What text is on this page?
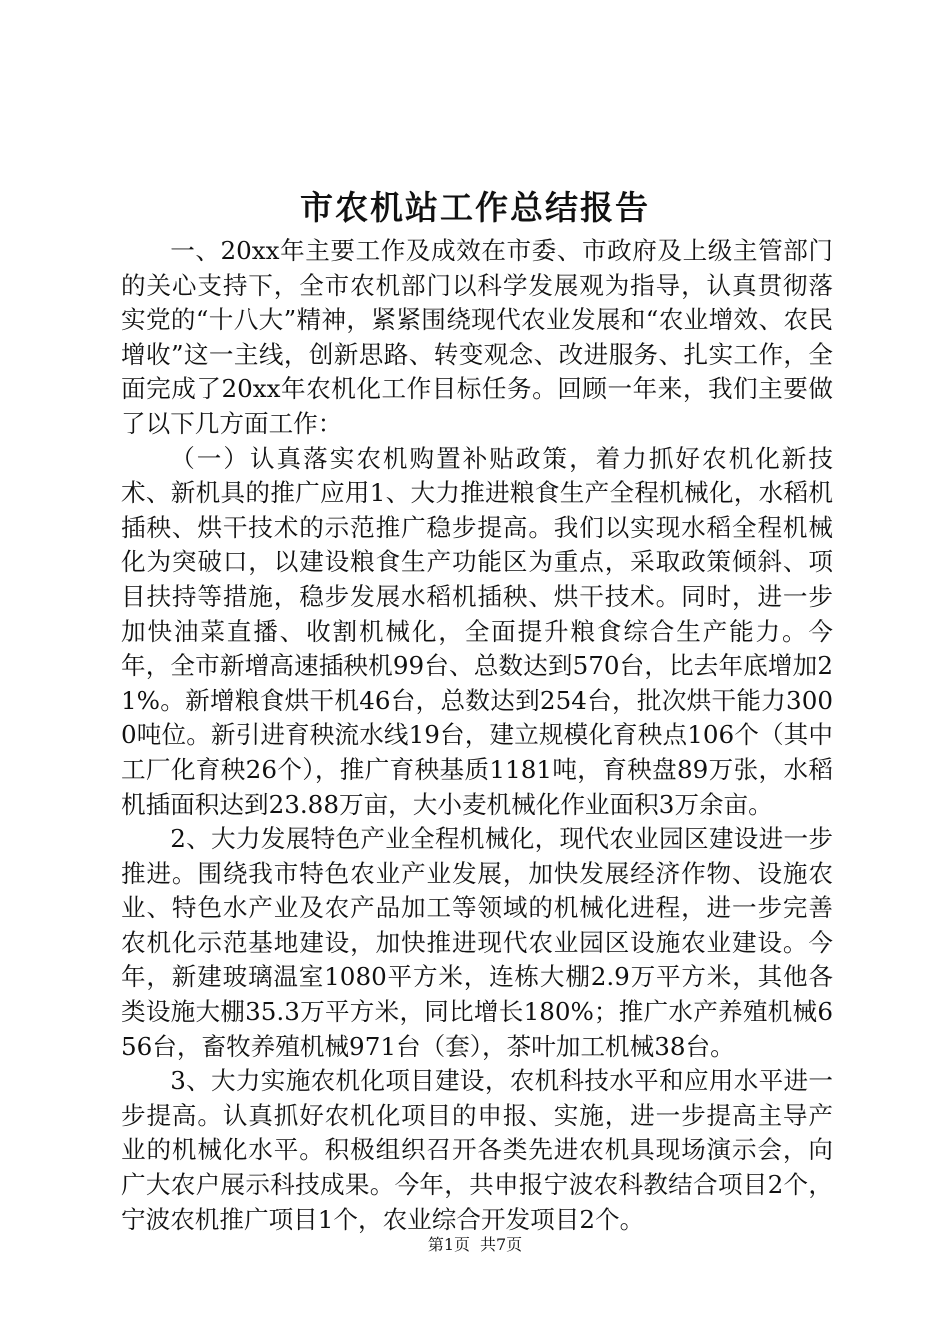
市农机站工作总结报告

一、20xx年主要工作及成效在市委、市政府及上级主管部门的关心支持下，全市农机部门以科学发展观为指导，认真贯彻落实党的“十八大”精神，紧紧围绕现代农业发展和“农业增效、农民增收”这一主线，创新思路、转变观念、改进服务、扎实工作，全面完成了20xx年农机化工作目标任务。回顾一年来，我们主要做了以下几方面工作：

（一）认真落实农机购置补贴政策，着力抓好农机化新技术、新机具的推广应用1、大力推进粮食生产全程机械化，水稻机插秧、烘干技术的示范推广稳步提高。我们以实现水稻全程机械化为突破口，以建设粮食生产功能区为重点，采取政策倾斜、项目扶持等措施，稳步发展水稻机插秧、烘干技术。同时，进一步加快油菜直播、收割机械化，全面提升粮食综合生产能力。今年，全市新增高速插秧机99台、总数达到570台，比去年底增加21%。新增粮食烘干机46台，总数达到254台，批次烘干能力3000吨位。新引进育秧流水线19台，建立规模化育秧点106个（其中工厂化育秧26个），推广育秧基质1181吨，育秧盘89万张，水稻机插面积达到23.88万亩，大小麦机械化作业面积3万余亩。

2、大力发展特色产业全程机械化，现代农业园区建设进一步推进。围绕我市特色农业产业发展，加快发展经济作物、设施农业、特色水产业及农产品加工等领域的机械化进程，进一步完善农机化示范基地建设，加快推进现代农业园区设施农业建设。今年，新建玻璃温室1080平方米，连栋大棚2.9万平方米，其他各类设施大棚35.3万平方米，同比增长180%；推广水产养殖机械656台，畜牧养殖机械971台（套），茶叶加工机械38台。

3、大力实施农机化项目建设，农机科技水平和应用水平进一步提高。认真抓好农机化项目的申报、实施，进一步提高主导产业的机械化水平。积极组织召开各类先进农机具现场演示会，向广大农户展示科技成果。今年，共申报宁波农科教结合项目2个，宁波农机推广项目1个，农业综合开发项目2个。

第1页 共7页
